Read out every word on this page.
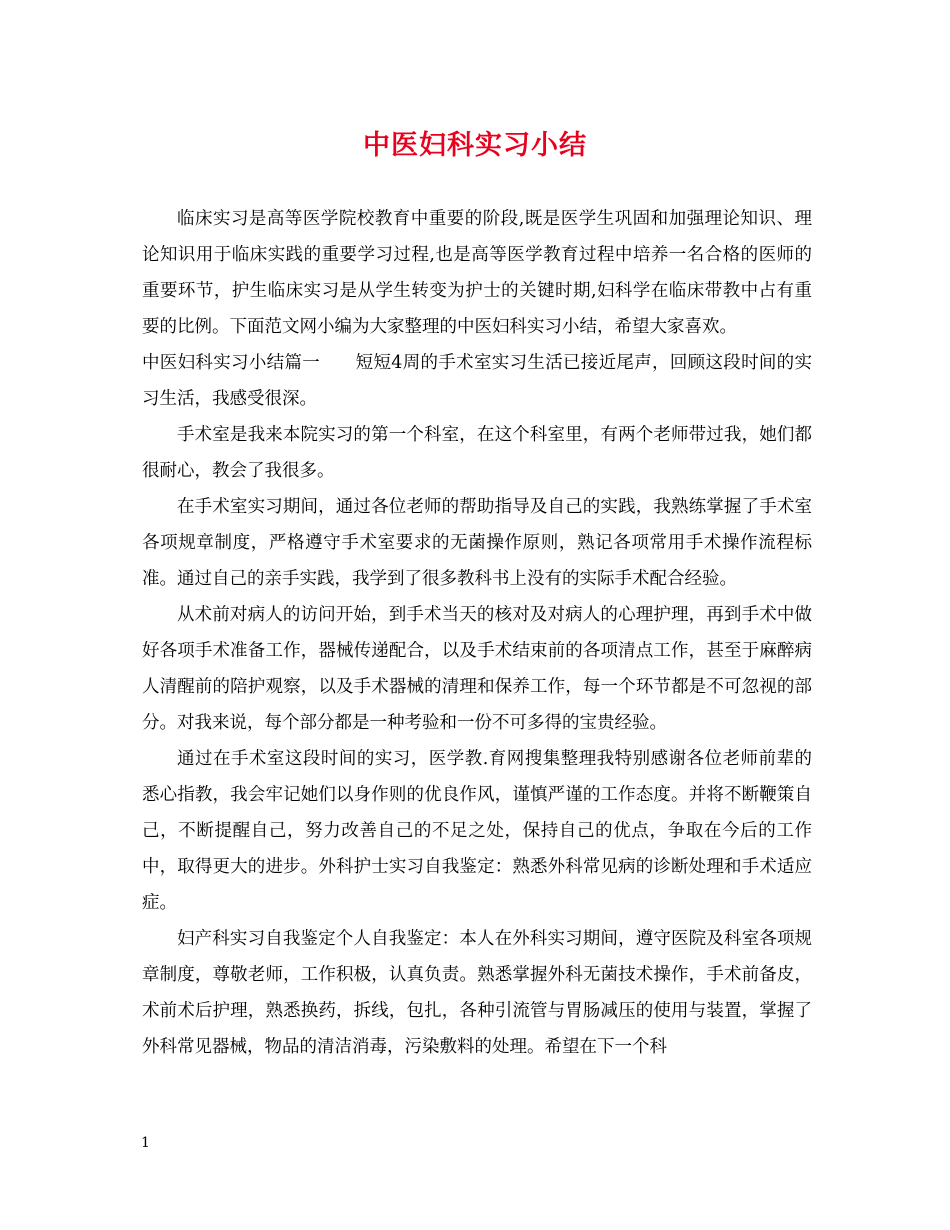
中医妇科实习小结

临床实习是高等医学院校教育中重要的阶段,既是医学生巩固和加强理论知识、理论知识用于临床实践的重要学习过程,也是高等医学教育过程中培养一名合格的医师的重要环节，护生临床实习是从学生转变为护士的关键时期,妇科学在临床带教中占有重要的比例。下面范文网小编为大家整理的中医妇科实习小结，希望大家喜欢。

中医妇科实习小结篇一　　短短4周的手术室实习生活已接近尾声，回顾这段时间的实习生活，我感受很深。

手术室是我来本院实习的第一个科室，在这个科室里，有两个老师带过我，她们都很耐心，教会了我很多。

在手术室实习期间，通过各位老师的帮助指导及自己的实践，我熟练掌握了手术室各项规章制度，严格遵守手术室要求的无菌操作原则，熟记各项常用手术操作流程标准。通过自己的亲手实践，我学到了很多教科书上没有的实际手术配合经验。

从术前对病人的访问开始，到手术当天的核对及对病人的心理护理，再到手术中做好各项手术准备工作，器械传递配合，以及手术结束前的各项清点工作，甚至于麻醉病人清醒前的陪护观察，以及手术器械的清理和保养工作，每一个环节都是不可忽视的部分。对我来说，每个部分都是一种考验和一份不可多得的宝贵经验。

通过在手术室这段时间的实习，医学教.育网搜集整理我特别感谢各位老师前辈的悉心指教，我会牢记她们以身作则的优良作风，谨慎严谨的工作态度。并将不断鞭策自己，不断提醒自己，努力改善自己的不足之处，保持自己的优点，争取在今后的工作中，取得更大的进步。外科护士实习自我鉴定：熟悉外科常见病的诊断处理和手术适应症。

妇产科实习自我鉴定个人自我鉴定：本人在外科实习期间，遵守医院及科室各项规章制度，尊敬老师，工作积极，认真负责。熟悉掌握外科无菌技术操作，手术前备皮，术前术后护理，熟悉换药，拆线，包扎，各种引流管与胃肠减压的使用与装置，掌握了外科常见器械，物品的清洁消毒，污染敷料的处理。希望在下一个科

1
